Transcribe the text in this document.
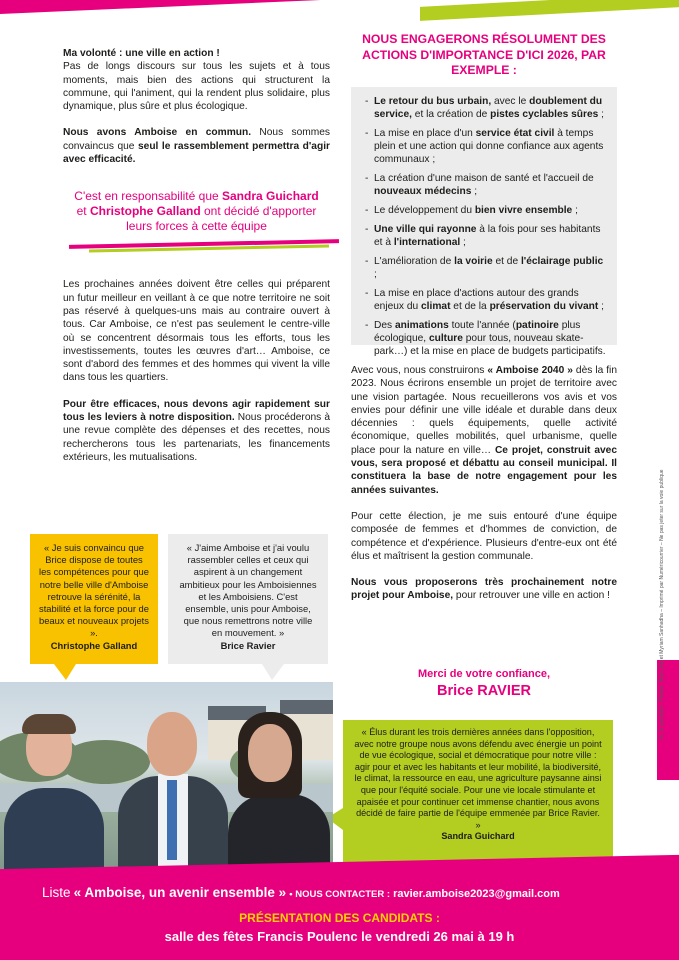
Vu, le candidat – Photos : Alain Joly et Myriam Sanhadha – Imprimé par Numéricourrier – Ne pas jeter sur la voie publique

Ma volonté : une ville en action !
Pas de longs discours sur tous les sujets et à tous moments, mais bien des actions qui structurent la commune, qui l'animent, qui la rendent plus solidaire, plus dynamique, plus sûre et plus écologique.

Nous avons Amboise en commun. Nous sommes convaincus que seul le rassemblement permettra d'agir avec efficacité.

C'est en responsabilité que Sandra Guichard et Christophe Galland ont décidé d'apporter leurs forces à cette équipe

Les prochaines années doivent être celles qui préparent un futur meilleur en veillant à ce que notre territoire ne soit pas réservé à quelques-uns mais au contraire ouvert à tous. Car Amboise, ce n'est pas seulement le centre-ville où se concentrent désormais tous les efforts, tous les investissements, toutes les œuvres d'art… Amboise, ce sont d'abord des femmes et des hommes qui vivent la ville dans tous les quartiers.

Pour être efficaces, nous devons agir rapidement sur tous les leviers à notre disposition. Nous procéderons à une revue complète des dépenses et des recettes, nous rechercherons tous les partenariats, les financements extérieurs, les mutualisations.

NOUS ENGAGERONS RÉSOLUMENT DES ACTIONS D'IMPORTANCE D'ICI 2026, PAR EXEMPLE :
- Le retour du bus urbain, avec le doublement du service, et la création de pistes cyclables sûres ;
- La mise en place d'un service état civil à temps plein et une action qui donne confiance aux agents communaux ;
- La création d'une maison de santé et l'accueil de nouveaux médecins ;
- Le développement du bien vivre ensemble ;
- Une ville qui rayonne à la fois pour ses habitants et à l'international ;
- L'amélioration de la voirie et de l'éclairage public ;
- La mise en place d'actions autour des grands enjeux du climat et de la préservation du vivant ;
- Des animations toute l'année (patinoire plus écologique, culture pour tous, nouveau skate-park…) et la mise en place de budgets participatifs.

Avec vous, nous construirons « Amboise 2040 » dès la fin 2023. Nous écrirons ensemble un projet de territoire avec une vision partagée. Nous recueillerons vos avis et vos envies pour définir une ville idéale et durable dans deux décennies : quels équipements, quelle activité économique, quelles mobilités, quel urbanisme, quelle place pour la nature en ville… Ce projet, construit avec vous, sera proposé et débattu au conseil municipal. Il constituera la base de notre engagement pour les années suivantes.

Pour cette élection, je me suis entouré d'une équipe composée de femmes et d'hommes de conviction, de compétence et d'expérience. Plusieurs d'entre-eux ont été élus et maîtrisent la gestion communale.

Nous vous proposerons très prochainement notre projet pour Amboise, pour retrouver une ville en action !

Merci de votre confiance,
Brice RAVIER
« Je suis convaincu que Brice dispose de toutes les compétences pour que notre belle ville d'Amboise retrouve la sérénité, la stabilité et la force pour de beaux et nouveaux projets ».
Christophe Galland
« J'aime Amboise et j'ai voulu rassembler celles et ceux qui aspirent à un changement ambitieux pour les Amboisiennes et les Amboisiens. C'est ensemble, unis pour Amboise, que nous remettrons notre ville en mouvement. »
Brice Ravier
« Élus durant les trois dernières années dans l'opposition, avec notre groupe nous avons défendu avec énergie un point de vue écologique, social et démocratique pour notre ville : agir pour et avec les habitants et leur mobilité, la biodiversité, le climat, la ressource en eau, une agriculture paysanne ainsi que pour l'équité sociale. Pour une vie locale stimulante et apaisée et pour continuer cet immense chantier, nous avons décidé de faire partie de l'équipe emmenée par Brice Ravier. »
Sandra Guichard
Liste « Amboise, un avenir ensemble » • NOUS CONTACTER : ravier.amboise2023@gmail.com
PRÉSENTATION DES CANDIDATS :
salle des fêtes Francis Poulenc le vendredi 26 mai à 19 h
